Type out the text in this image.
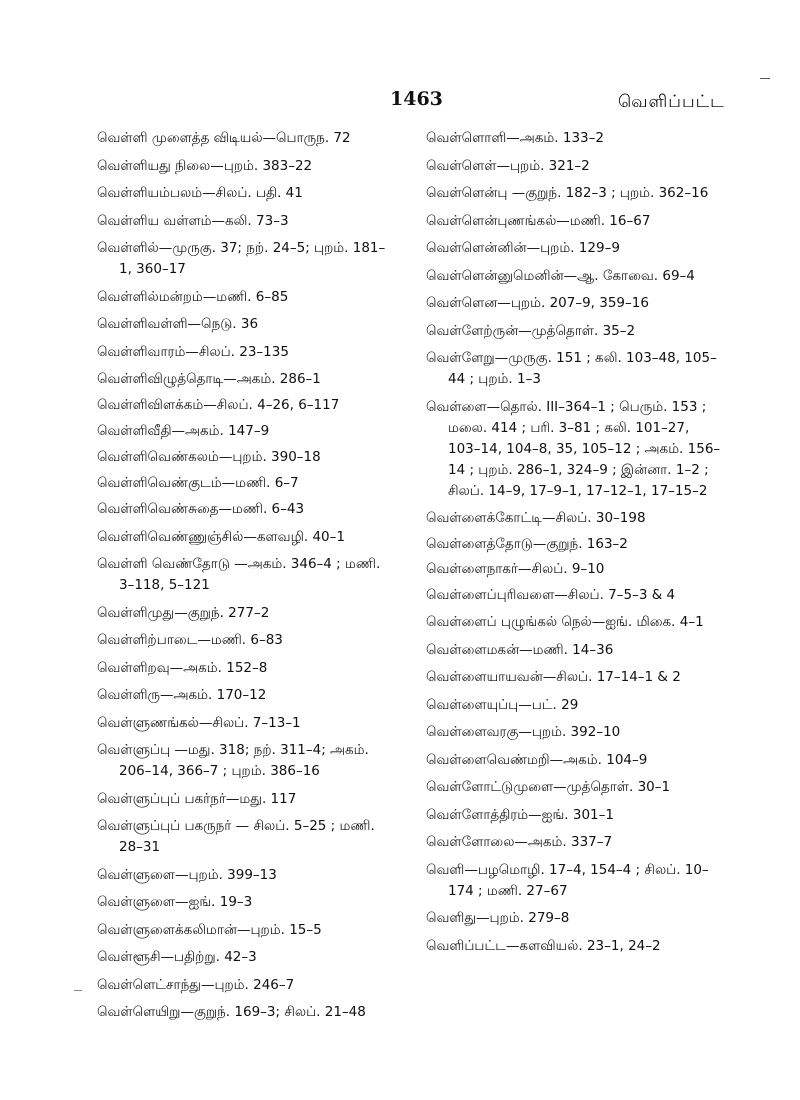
1463	வெளிப்பட்ட
வெள்ளி முளைத்த விடியல்—பொருந. 72
வெள்ளியது நிலை—புறம். 383–22
வெள்ளியம்பலம்—சிலப். பதி. 41
வெள்ளிய வள்ளம்—கலி. 73–3
வெள்ளில்—முருகு. 37; நற். 24–5; புறம். 181–1, 360–17
வெள்ளில்மன்றம்—மணி. 6–85
வெள்ளிவள்ளி—நெடு. 36
வெள்ளிவாரம்—சிலப். 23–135
வெள்ளிவிழுத்தொடி—அகம். 286–1
வெள்ளிவிளக்கம்—சிலப். 4–26, 6–117
வெள்ளிவீதி—அகம். 147–9
வெள்ளிவெண்கலம்—புறம். 390–18
வெள்ளிவெண்குடம்—மணி. 6–7
வெள்ளிவெண்சுதை—மணி. 6–43
வெள்ளிவெண்ணுஞ்சில்—களவழி. 40–1
வெள்ளி வெண்தோடு —அகம். 346–4 ; மணி. 3–118, 5–121
வெள்ளிமுது—குறுந். 277–2
வெள்ளிற்பாடை—மணி. 6–83
வெள்ளிறவு—அகம். 152–8
வெள்ளிரு—அகம். 170–12
வெள்ளுணங்கல்—சிலப். 7–13–1
வெள்ளுப்பு —மது. 318; நற். 311–4; அகம். 206–14, 366–7 ; புறம். 386–16
வெள்ளுப்புப் பகர்நர்—மது. 117
வெள்ளுப்புப் பகருநர் — சிலப். 5–25 ; மணி. 28–31
வெள்ளுளை—புறம். 399–13
வெள்ளுளை—ஐங். 19–3
வெள்ளுளைக்கலிமான்—புறம். 15–5
வெள்ளூசி—பதிற்று. 42–3
வெள்ளெட்சாந்து—புறம். 246–7
வெள்ளெயிறு—குறுந். 169–3; சிலப். 21–48
வெள்ளொளி—அகம். 133–2
வெள்ளெள்—புறம். 321–2
வெள்ளென்பு —குறுந். 182–3 ; புறம். 362–16
வெள்ளென்புணங்கல்—மணி. 16–67
வெள்ளென்னின்—புறம். 129–9
வெள்ளென்னுமெனின்—ஆ. கோவை. 69–4
வெள்ளென—புறம். 207–9, 359–16
வெள்ளேற்ருன்—முத்தொள். 35–2
வெள்ளேறு—முருகு. 151 ; கலி. 103–48, 105–44 ; புறம். 1–3
வெள்ளை—தொல். III–364–1 ; பெரும். 153 ; மலை. 414 ; பரி. 3–81 ; கலி. 101–27, 103–14, 104–8, 35, 105–12 ; அகம். 156–14 ; புறம். 286–1, 324–9 ; இன்னா. 1–2 ; சிலப். 14–9, 17–9–1, 17–12–1, 17–15–2
வெள்ளைக்கோட்டி—சிலப். 30–198
வெள்ளைத்தோடு—குறுந். 163–2
வெள்ளைநாகர்—சிலப். 9–10
வெள்ளைப்புரிவளை—சிலப். 7–5–3 & 4
வெள்ளைப் புழுங்கல் நெல்—ஐங். மிகை. 4–1
வெள்ளைமகன்—மணி. 14–36
வெள்ளையாயவன்—சிலப். 17–14–1 & 2
வெள்ளையுப்பு—பட். 29
வெள்ளைவரகு—புறம். 392–10
வெள்ளைவெண்மறி—அகம். 104–9
வெள்ளோட்டுமுளை—முத்தொள். 30–1
வெள்ளோத்திரம்—ஐங். 301–1
வெள்ளோலை—அகம். 337–7
வெளி—பழமொழி. 17–4, 154–4 ; சிலப். 10–174 ; மணி. 27–67
வெளிது—புறம். 279–8
வெளிப்பட்ட—களவியல். 23–1, 24–2
